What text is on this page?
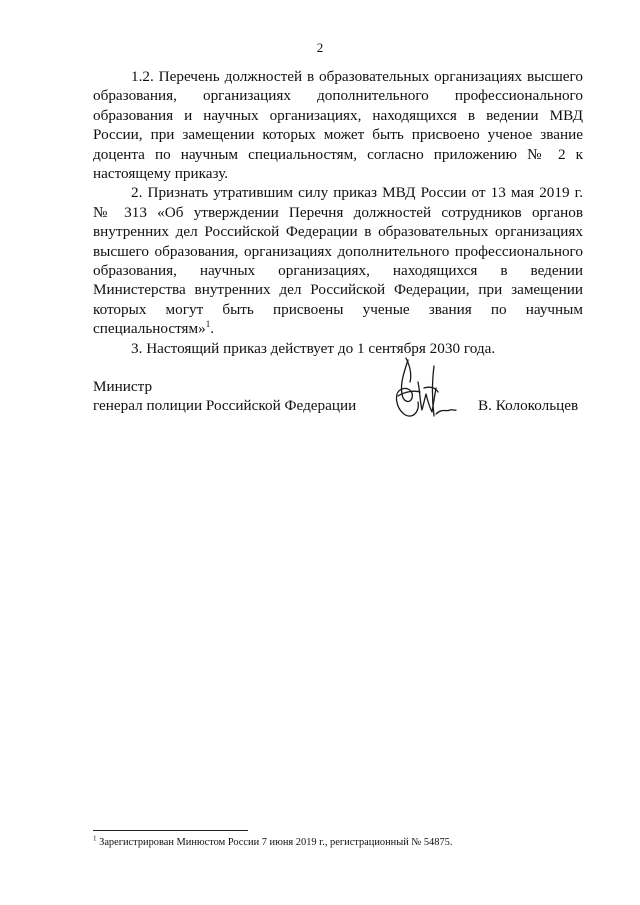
2

1.2. Перечень должностей в образовательных организациях высшего образования, организациях дополнительного профессионального образования и научных организациях, находящихся в ведении МВД России, при замещении которых может быть присвоено ученое звание доцента по научным специальностям, согласно приложению № 2 к настоящему приказу.

2. Признать утратившим силу приказ МВД России от 13 мая 2019 г. № 313 «Об утверждении Перечня должностей сотрудников органов внутренних дел Российской Федерации в образовательных организациях высшего образования, организациях дополнительного профессионального образования, научных организациях, находящихся в ведении Министерства внутренних дел Российской Федерации, при замещении которых могут быть присвоены ученые звания по научным специальностям»$^1$.

3. Настоящий приказ действует до 1 сентября 2030 года.

Министр
генерал полиции Российской Федерации	В. Колокольцев
$^1$ Зарегистрирован Минюстом России 7 июня 2019 г., регистрационный № 54875.
